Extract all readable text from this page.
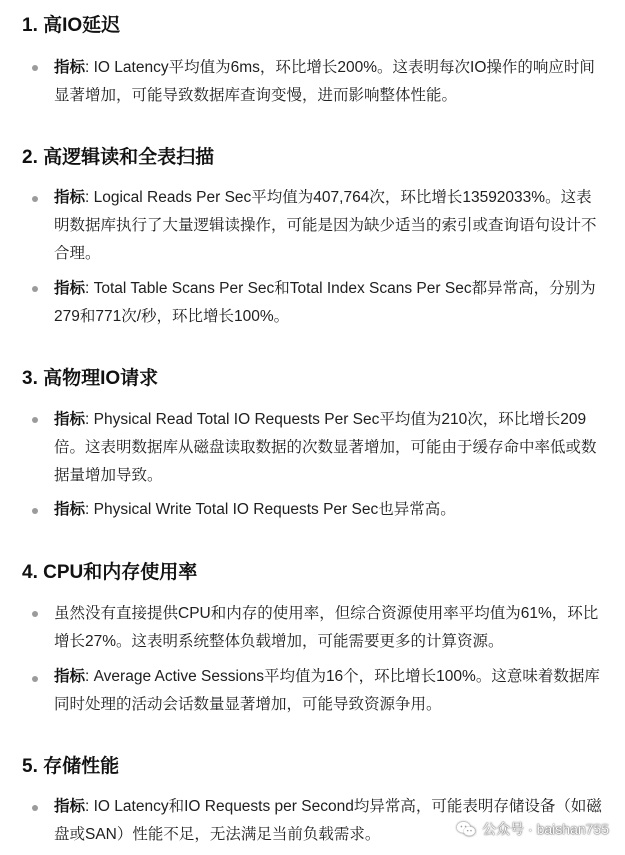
1. 高IO延迟
指标: IO Latency平均值为6ms，环比增长200%。这表明每次IO操作的响应时间显著增加，可能导致数据库查询变慢，进而影响整体性能。
2. 高逻辑读和全表扫描
指标: Logical Reads Per Sec平均值为407,764次，环比增长13592033%。这表明数据库执行了大量逻辑读操作，可能是因为缺少适当的索引或查询语句设计不合理。
指标: Total Table Scans Per Sec和Total Index Scans Per Sec都异常高，分别为279和771次/秒，环比增长100%。
3. 高物理IO请求
指标: Physical Read Total IO Requests Per Sec平均值为210次，环比增长209倍。这表明数据库从磁盘读取数据的次数显著增加，可能由于缓存命中率低或数据量增加导致。
指标: Physical Write Total IO Requests Per Sec也异常高。
4. CPU和内存使用率
虽然没有直接提供CPU和内存的使用率，但综合资源使用率平均值为61%，环比增长27%。这表明系统整体负载增加，可能需要更多的计算资源。
指标: Average Active Sessions平均值为16个，环比增长100%。这意味着数据库同时处理的活动会话数量显著增加，可能导致资源争用。
5. 存储性能
指标: IO Latency和IO Requests per Second均异常高，可能表明存储设备（如磁盘或SAN）性能不足，无法满足当前负载需求。	公众号 · baishan755
